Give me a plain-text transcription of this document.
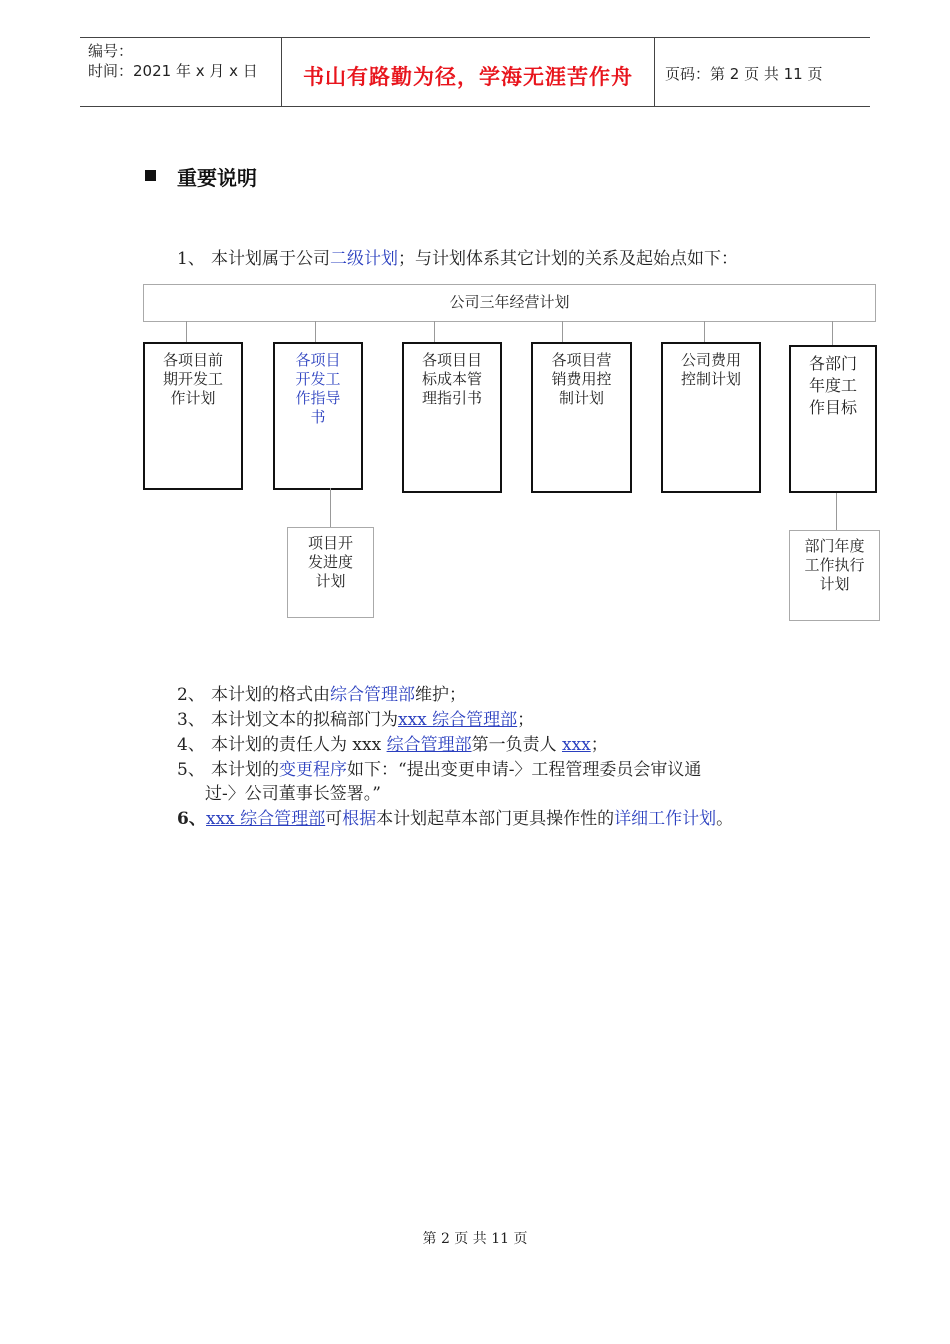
编号：
时间：2021 年 x 月 x 日	书山有路勤为径，学海无涯苦作舟	页码：第 2 页 共 11 页
重要说明
1、 本计划属于公司二级计划；与计划体系其它计划的关系及起始点如下：
公司三年经营计划
各项目前期开发工作计划
各项目开发工作指导书
各项目目标成本管理指引书
各项目营销费用控制计划
公司费用控制计划
各部门年度工作目标
项目开发进度计划
部门年度工作执行计划
2、 本计划的格式由综合管理部维护；
3、 本计划文本的拟稿部门为xxx 综合管理部；
4、 本计划的责任人为 xxx 综合管理部第一负责人 xxx；
5、 本计划的变更程序如下：“提出变更申请-〉工程管理委员会审议通
过-〉公司董事长签署。”
6、xxx 综合管理部可根据本计划起草本部门更具操作性的详细工作计划。
第 2 页 共 11 页
